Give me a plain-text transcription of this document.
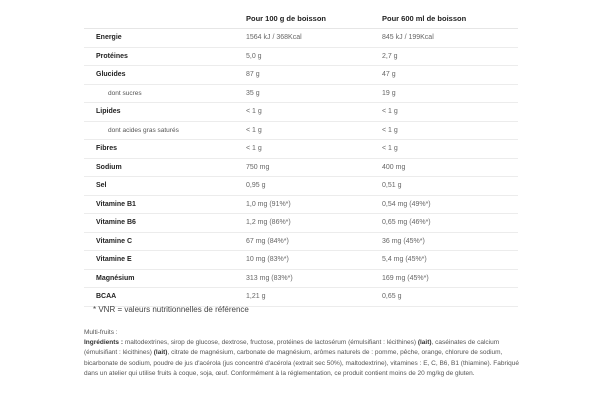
Pour 100 g de boisson	Pour 600 ml de boisson
Energie	1564 kJ / 368Kcal	845 kJ / 199Kcal
Protéines	5,0 g	2,7 g
Glucides	87 g	47 g
dont sucres	35 g	19 g
Lipides	< 1 g	< 1 g
dont acides gras saturés	< 1 g	< 1 g
Fibres	< 1 g	< 1 g
Sodium	750 mg	400 mg
Sel	0,95 g	0,51 g
Vitamine B1	1,0 mg (91%*)	0,54 mg (49%*)
Vitamine B6	1,2 mg (86%*)	0,65 mg (46%*)
Vitamine C	67 mg (84%*)	36 mg (45%*)
Vitamine E	10 mg (83%*)	5,4 mg (45%*)
Magnésium	313 mg (83%*)	169 mg (45%*)
BCAA	1,21 g	0,65 g
* VNR = valeurs nutritionnelles de référence

Multi-fruits :

Ingrédients : maltodextrines, sirop de glucose, dextrose, fructose, protéines de lactosérum (émulsifiant : lécithines) (lait), caséinates de calcium (émulsifiant : lécithines) (lait), citrate de magnésium, carbonate de magnésium, arômes naturels de : pomme, pêche, orange, chlorure de sodium, bicarbonate de sodium, poudre de jus d'acérola (jus concentré d'acérola (extrait sec 50%), maltodextrine), vitamines : E, C, B6, B1 (thiamine). Fabriqué dans un atelier qui utilise fruits à coque, soja, œuf. Conformément à la réglementation, ce produit contient moins de 20 mg/kg de gluten.
